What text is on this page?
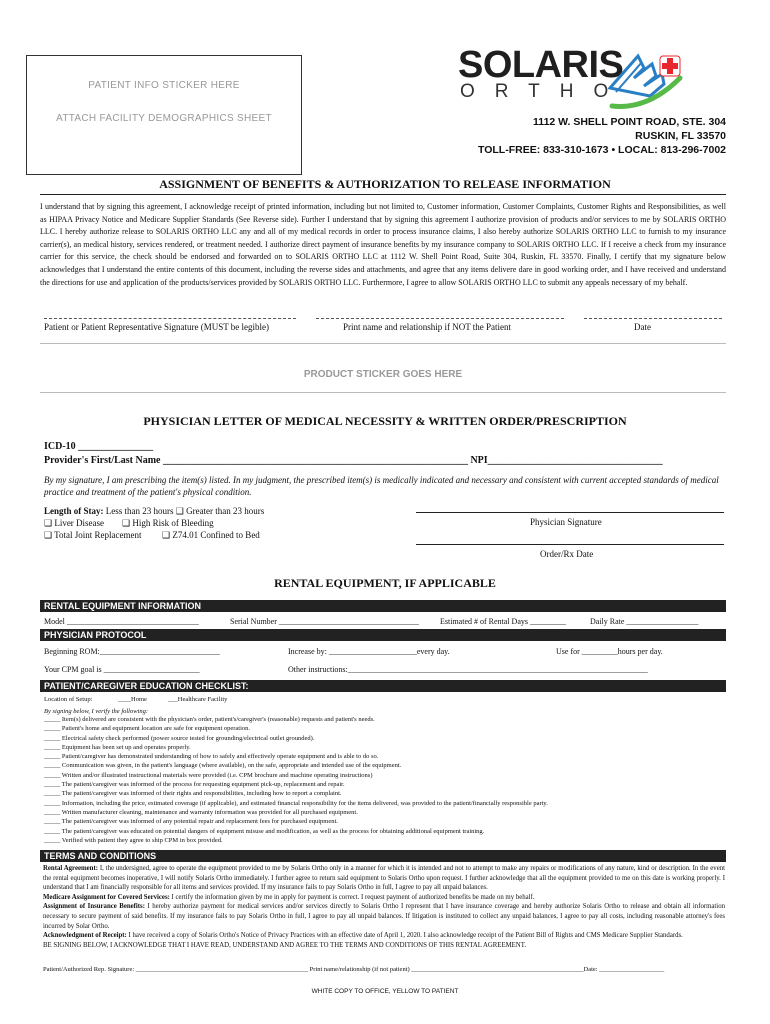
PATIENT INFO STICKER HERE
ATTACH FACILITY DEMOGRAPHICS SHEET
SOLARIS
ORTHO
1112 W. SHELL POINT ROAD, STE. 304
RUSKIN, FL 33570
TOLL-FREE: 833-310-1673 • LOCAL: 813-296-7002
ASSIGNMENT OF BENEFITS & AUTHORIZATION TO RELEASE INFORMATION
I understand that by signing this agreement, I acknowledge receipt of printed information, including but not limited to, Customer information, Customer Complaints, Customer Rights and Responsibilities, as well as HIPAA Privacy Notice and Medicare Supplier Standards (See Reverse side). Further I understand that by signing this agreement I authorize provision of products and/or services to me by SOLARIS ORTHO LLC. I hereby authorize release to SOLARIS ORTHO LLC any and all of my medical records in order to process insurance claims, I also hereby authorize SOLARIS ORTHO LLC to furnish to my insurance carrier(s), an medical history, services rendered, or treatment needed. I authorize direct payment of insurance benefits by my insurance company to SOLARIS ORTHO LLC. If I receive a check from my insurance carrier for this service, the check should be endorsed and forwarded on to SOLARIS ORTHO LLC at 1112 W. Shell Point Road, Suite 304, Ruskin, FL 33570. Finally, I certify that my signature below acknowledges that I understand the entire contents of this document, including the reverse sides and attachments, and agree that any items delivere dare in good working order, and I have received and understand the directions for use and application of the products/services provided by SOLARIS ORTHO LLC. Furthermore, I agree to allow SOLARIS ORTHO LLC to submit any appeals necessary of my behalf.
Patient or Patient Representative Signature (MUST be legible)	Print name and relationship if NOT the Patient	Date
PRODUCT STICKER GOES HERE
PHYSICIAN LETTER OF MEDICAL NECESSITY & WRITTEN ORDER/PRESCRIPTION
ICD-10 _______________
Provider's First/Last Name _____________________________________________________________ NPI___________________________________
By my signature, I am prescribing the item(s) listed. In my judgment, the prescribed item(s) is medically indicated and necessary and consistent with current accepted standards of medical practice and treatment of the patient's physical condition.
Length of Stay: Less than 23 hours ❑ Greater than 23 hours
❑ Liver Disease ❑ High Risk of Bleeding
❑ Total Joint Replacement ❑ Z74.01 Confined to Bed
Physician Signature
Order/Rx Date
RENTAL EQUIPMENT, IF APPLICABLE
RENTAL EQUIPMENT INFORMATION
Model _________________________________	Serial Number ___________________________________	Estimated # of Rental Days _________	Daily Rate __________________
PHYSICIAN PROTOCOL
Beginning ROM:______________________________	Increase by: ______________________every day.	Use for _________hours per day.
Your CPM goal is ________________________	Other instructions:___________________________________________________________________________
PATIENT/CAREGIVER EDUCATION CHECKLIST:
Location of Setup:	____Home	___Healthcare Facility
By signing below, I verify the following:
_____ Item(s) delivered are consistent with the physician's order, patient's/caregiver's (reasonable) requests and patient's needs.
_____ Patient's home and equipment location are safe for equipment operation.
_____ Electrical safety check performed (power source tested for grounding/electrical outlet grounded).
_____ Equipment has been set up and operates properly.
_____ Patient/caregiver has demonstrated understanding of how to safely and effectively operate equipment and is able to do so.
_____ Communication was given, in the patient's language (where available), on the safe, appropriate and intended use of the equipment.
_____ Written and/or illustrated instructional materials were provided (i.e. CPM brochure and machine operating instructions)
_____ The patient/caregiver was informed of the process for requesting equipment pick-up, replacement and repair.
_____ The patient/caregiver was informed of their rights and responsibilities, including how to report a complaint.
_____ Information, including the price, estimated coverage (if applicable), and estimated financial responsibility for the items delivered, was provided to the patient/financially responsible party.
_____ Written manufacturer cleaning, maintenance and warranty information was provided for all purchased equipment.
_____ The patient/caregiver was informed of any potential repair and replacement fees for purchased equipment.
_____ The patient/caregiver was educated on potential dangers of equipment misuse and modification, as well as the process for obtaining additional equipment training.
_____ Verified with patient they agree to ship CPM in box provided.
TERMS AND CONDITIONS
Rental Agreement: I, the undersigned, agree to operate the equipment provided to me by Solaris Ortho only in a manner for which it is intended and not to attempt to make any repairs or modifications of any nature, kind or description. In the event the rental equipment becomes inoperative, I will notify Solaris Ortho immediately. I further agree to return said equipment to Solaris Ortho upon request. I further acknowledge that all the equipment provided to me on this date is working properly. I understand that I am financially responsible for all items and services provided. If my insurance fails to pay Solaris Ortho in full, I agree to pay all unpaid balances.
Medicare Assignment for Covered Services: I certify the information given by me in apply for payment is correct. I request payment of authorized benefits be made on my behalf.
Assignment of Insurance Benefits: I hereby authorize payment for medical services and/or services directly to Solaris Ortho I represent that I have insurance coverage and hereby authorize Solaris Ortho to release and obtain all information necessary to secure payment of said benefits. If my insurance fails to pay Solaris Ortho in full, I agree to pay all unpaid balances. If litigation is instituted to collect any unpaid balances, I agree to pay all costs, including reasonable attorney's fees incurred by Solar Ortho.
Acknowledgment of Receipt: I have received a copy of Solaris Ortho's Notice of Privacy Practices with an effective date of April 1, 2020. I also acknowledge receipt of the Patient Bill of Rights and CMS Medicare Supplier Standards.
BE SIGNING BELOW, I ACKNOWLEDGE THAT I HAVE READ, UNDERSTAND AND AGREE TO THE TERMS AND CONDITIONS OF THIS RENTAL AGREEMENT.
Patient/Authorized Rep. Signature: _____________________________________________________ Print name/relationship (if not patient) _____________________________________________________Date: ____________________
WHITE COPY TO OFFICE, YELLOW TO PATIENT
